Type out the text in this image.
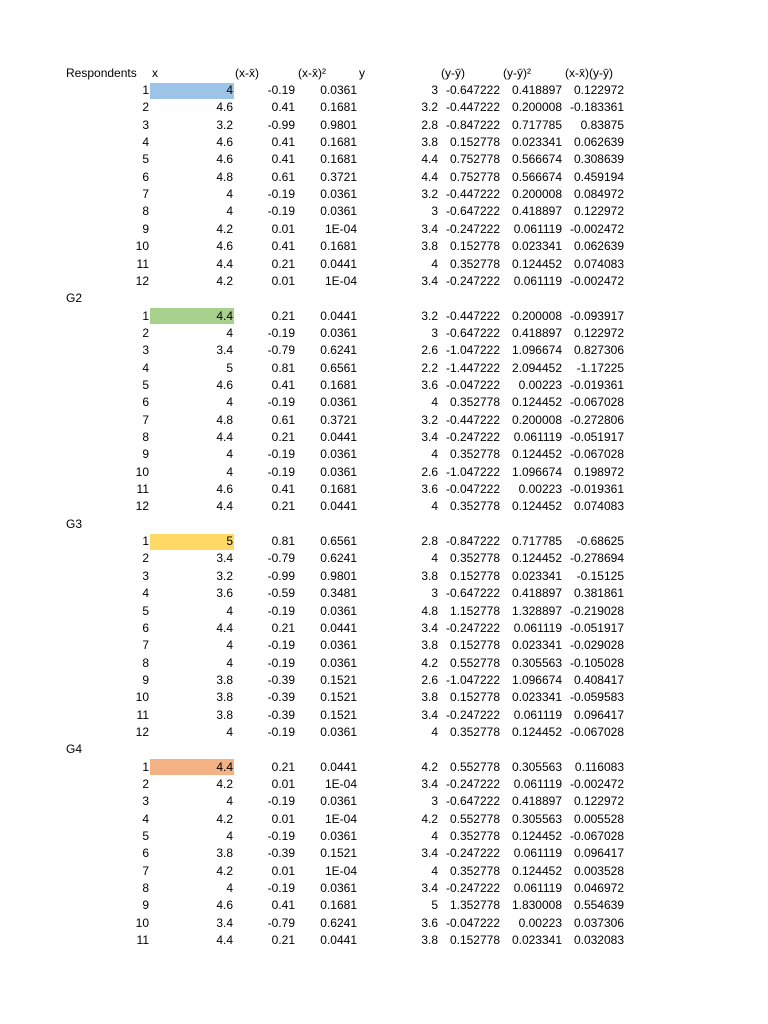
Respondents x	(x-x̄)	(x-x̄)²	y	(y-ȳ)	(y-ȳ)²	(x-x̄)(y-ȳ)
1	4	-0.19	0.0361	3 -0.647222 0.418897 0.122972
2	4.6	0.41	0.1681	3.2 -0.447222 0.200008 -0.183361
3	3.2	-0.99	0.9801	2.8 -0.847222 0.717785	0.83875
4	4.6	0.41	0.1681	3.8 0.152778 0.023341 0.062639
5	4.6	0.41	0.1681	4.4 0.752778 0.566674 0.308639
6	4.8	0.61	0.3721	4.4 0.752778 0.566674 0.459194
7	4	-0.19	0.0361	3.2 -0.447222 0.200008 0.084972
8	4	-0.19	0.0361	3 -0.647222 0.418897 0.122972
9	4.2	0.01	1E-04	3.4 -0.247222	0.061119 -0.002472
10	4.6	0.41	0.1681	3.8 0.152778 0.023341 0.062639
11	4.4	0.21	0.0441	4 0.352778 0.124452 0.074083
12	4.2	0.01	1E-04	3.4 -0.247222	0.061119 -0.002472
G2
1	4.4	0.21	0.0441	3.2 -0.447222 0.200008 -0.093917
2	4	-0.19	0.0361	3 -0.647222 0.418897 0.122972
3	3.4	-0.79	0.6241	2.6 -1.047222 1.096674 0.827306
4	5	0.81	0.6561	2.2 -1.447222 2.094452	-1.17225
5	4.6	0.41	0.1681	3.6 -0.047222	0.00223 -0.019361
6	4	-0.19	0.0361	4 0.352778 0.124452 -0.067028
7	4.8	0.61	0.3721	3.2 -0.447222 0.200008 -0.272806
8	4.4	0.21	0.0441	3.4 -0.247222	0.061119 -0.051917
9	4	-0.19	0.0361	4 0.352778 0.124452 -0.067028
10	4	-0.19	0.0361	2.6 -1.047222 1.096674 0.198972
11	4.6	0.41	0.1681	3.6 -0.047222	0.00223 -0.019361
12	4.4	0.21	0.0441	4 0.352778 0.124452 0.074083
G3
1	5	0.81	0.6561	2.8 -0.847222 0.717785	-0.68625
2	3.4	-0.79	0.6241	4 0.352778 0.124452 -0.278694
3	3.2	-0.99	0.9801	3.8 0.152778 0.023341	-0.15125
4	3.6	-0.59	0.3481	3 -0.647222 0.418897 0.381861
5	4	-0.19	0.0361	4.8 1.152778 1.328897 -0.219028
6	4.4	0.21	0.0441	3.4 -0.247222	0.061119 -0.051917
7	4	-0.19	0.0361	3.8 0.152778 0.023341 -0.029028
8	4	-0.19	0.0361	4.2 0.552778 0.305563 -0.105028
9	3.8	-0.39	0.1521	2.6 -1.047222 1.096674 0.408417
10	3.8	-0.39	0.1521	3.8 0.152778 0.023341 -0.059583
11	3.8	-0.39	0.1521	3.4 -0.247222	0.061119 0.096417
12	4	-0.19	0.0361	4 0.352778 0.124452 -0.067028
G4
1	4.4	0.21	0.0441	4.2 0.552778 0.305563	0.116083
2	4.2	0.01	1E-04	3.4 -0.247222	0.061119 -0.002472
3	4	-0.19	0.0361	3 -0.647222 0.418897 0.122972
4	4.2	0.01	1E-04	4.2 0.552778 0.305563 0.005528
5	4	-0.19	0.0361	4 0.352778 0.124452 -0.067028
6	3.8	-0.39	0.1521	3.4 -0.247222	0.061119 0.096417
7	4.2	0.01	1E-04	4 0.352778 0.124452 0.003528
8	4	-0.19	0.0361	3.4 -0.247222	0.061119 0.046972
9	4.6	0.41	0.1681	5 1.352778 1.830008 0.554639
10	3.4	-0.79	0.6241	3.6 -0.047222	0.00223 0.037306
11	4.4	0.21	0.0441	3.8 0.152778 0.023341 0.032083
